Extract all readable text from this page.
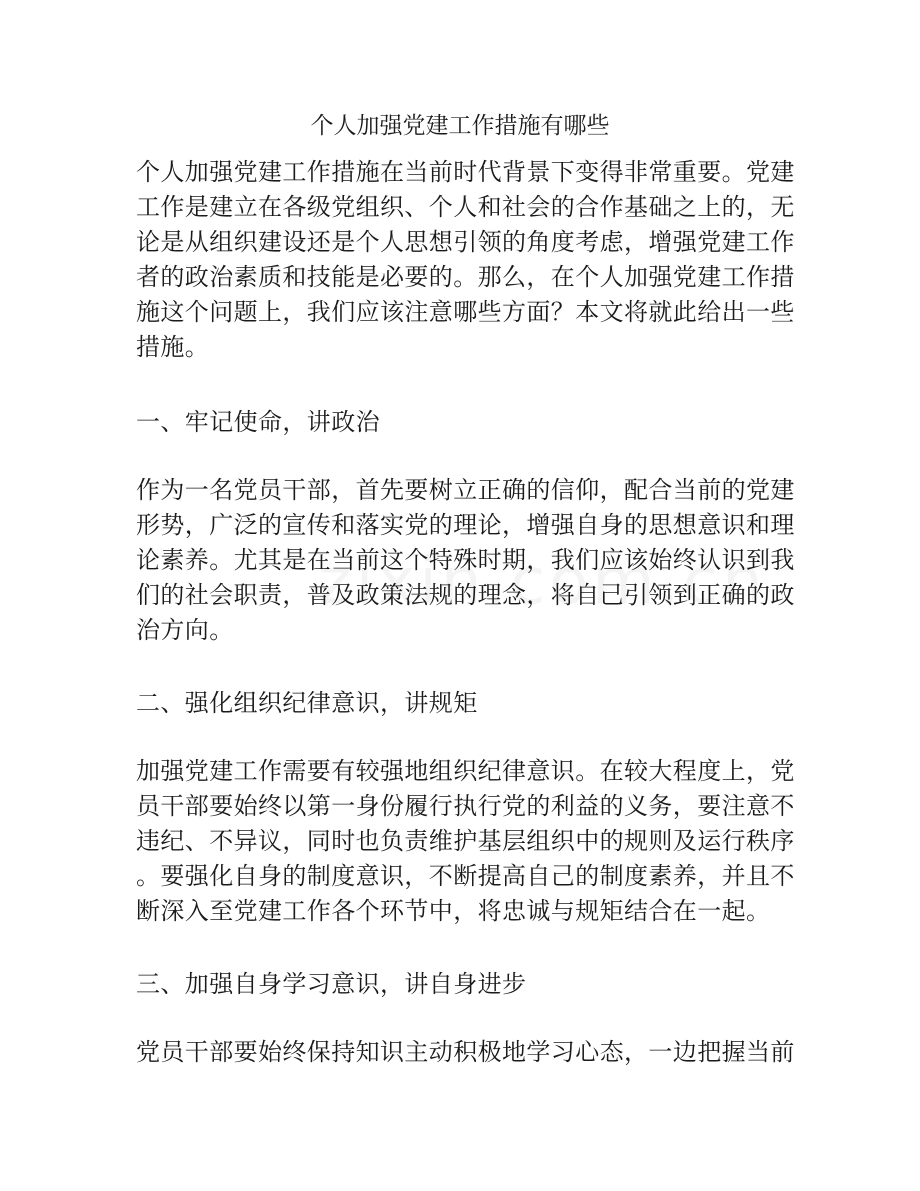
个人加强党建工作措施有哪些
个人加强党建工作措施在当前时代背景下变得非常重要。党建
工作是建立在各级党组织、个人和社会的合作基础之上的，无
论是从组织建设还是个人思想引领的角度考虑，增强党建工作
者的政治素质和技能是必要的。那么，在个人加强党建工作措
施这个问题上，我们应该注意哪些方面？本文将就此给出一些
措施。
一、牢记使命，讲政治
作为一名党员干部，首先要树立正确的信仰，配合当前的党建
形势，广泛的宣传和落实党的理论，增强自身的思想意识和理
论素养。尤其是在当前这个特殊时期，我们应该始终认识到我
们的社会职责，普及政策法规的理念，将自己引领到正确的政
治方向。
二、强化组织纪律意识，讲规矩
加强党建工作需要有较强地组织纪律意识。在较大程度上，党
员干部要始终以第一身份履行执行党的利益的义务，要注意不
违纪、不异议，同时也负责维护基层组织中的规则及运行秩序
。要强化自身的制度意识，不断提高自己的制度素养，并且不
断深入至党建工作各个环节中，将忠诚与规矩结合在一起。
三、加强自身学习意识，讲自身进步
党员干部要始终保持知识主动积极地学习心态，一边把握当前
